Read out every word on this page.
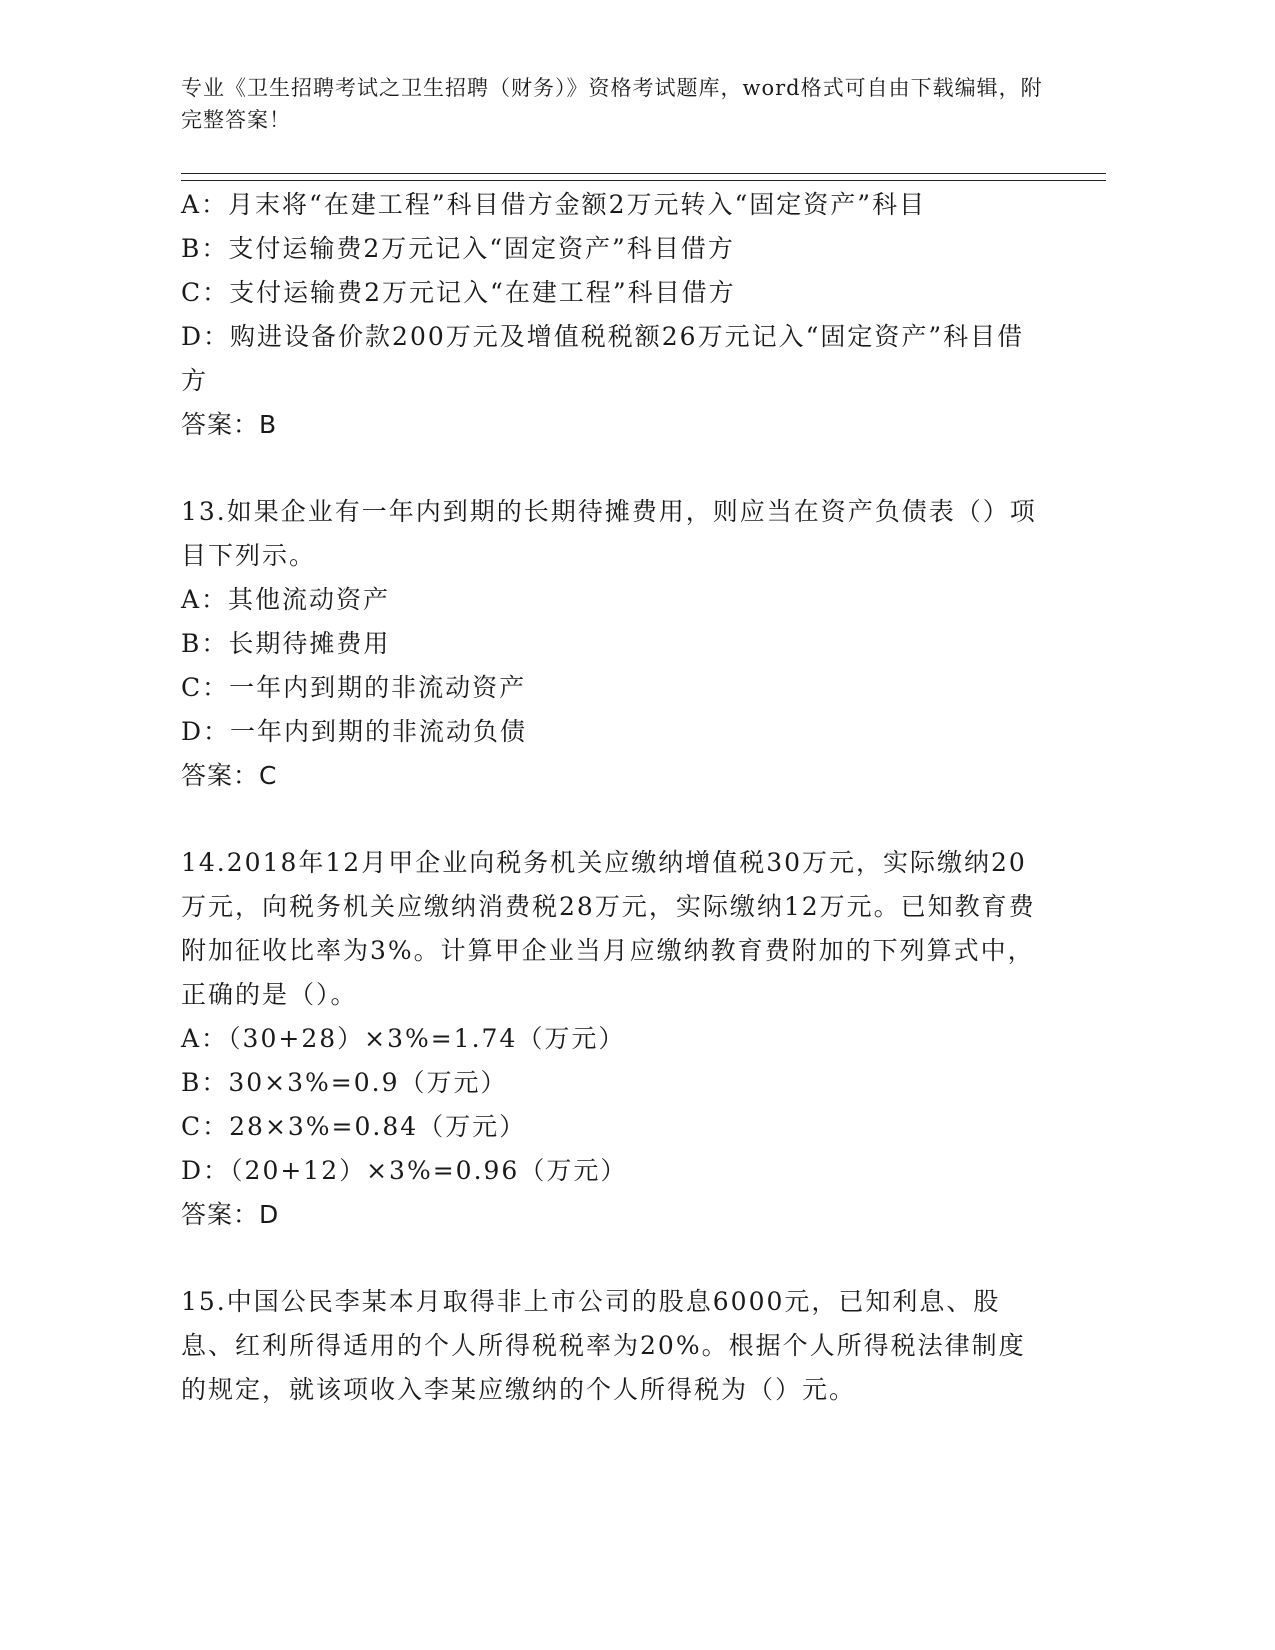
专业《卫生招聘考试之卫生招聘（财务）》资格考试题库，word格式可自由下载编辑，附完整答案！

A：月末将“在建工程”科目借方金额2万元转入“固定资产”科目

B：支付运输费2万元记入“固定资产”科目借方

C：支付运输费2万元记入“在建工程”科目借方

D：购进设备价款200万元及增值税税额26万元记入“固定资产”科目借方

答案：B

13.如果企业有一年内到期的长期待摊费用，则应当在资产负债表（）项目下列示。

A：其他流动资产

B：长期待摊费用

C：一年内到期的非流动资产

D：一年内到期的非流动负债

答案：C

14.2018年12月甲企业向税务机关应缴纳增值税30万元，实际缴纳20万元，向税务机关应缴纳消费税28万元，实际缴纳12万元。已知教育费附加征收比率为3%。计算甲企业当月应缴纳教育费附加的下列算式中，正确的是（）。

A：（30+28）×3%=1.74（万元）

B：30×3%=0.9（万元）

C：28×3%=0.84（万元）

D：（20+12）×3%=0.96（万元）

答案：D

15.中国公民李某本月取得非上市公司的股息6000元，已知利息、股息、红利所得适用的个人所得税税率为20%。根据个人所得税法律制度的规定，就该项收入李某应缴纳的个人所得税为（）元。
